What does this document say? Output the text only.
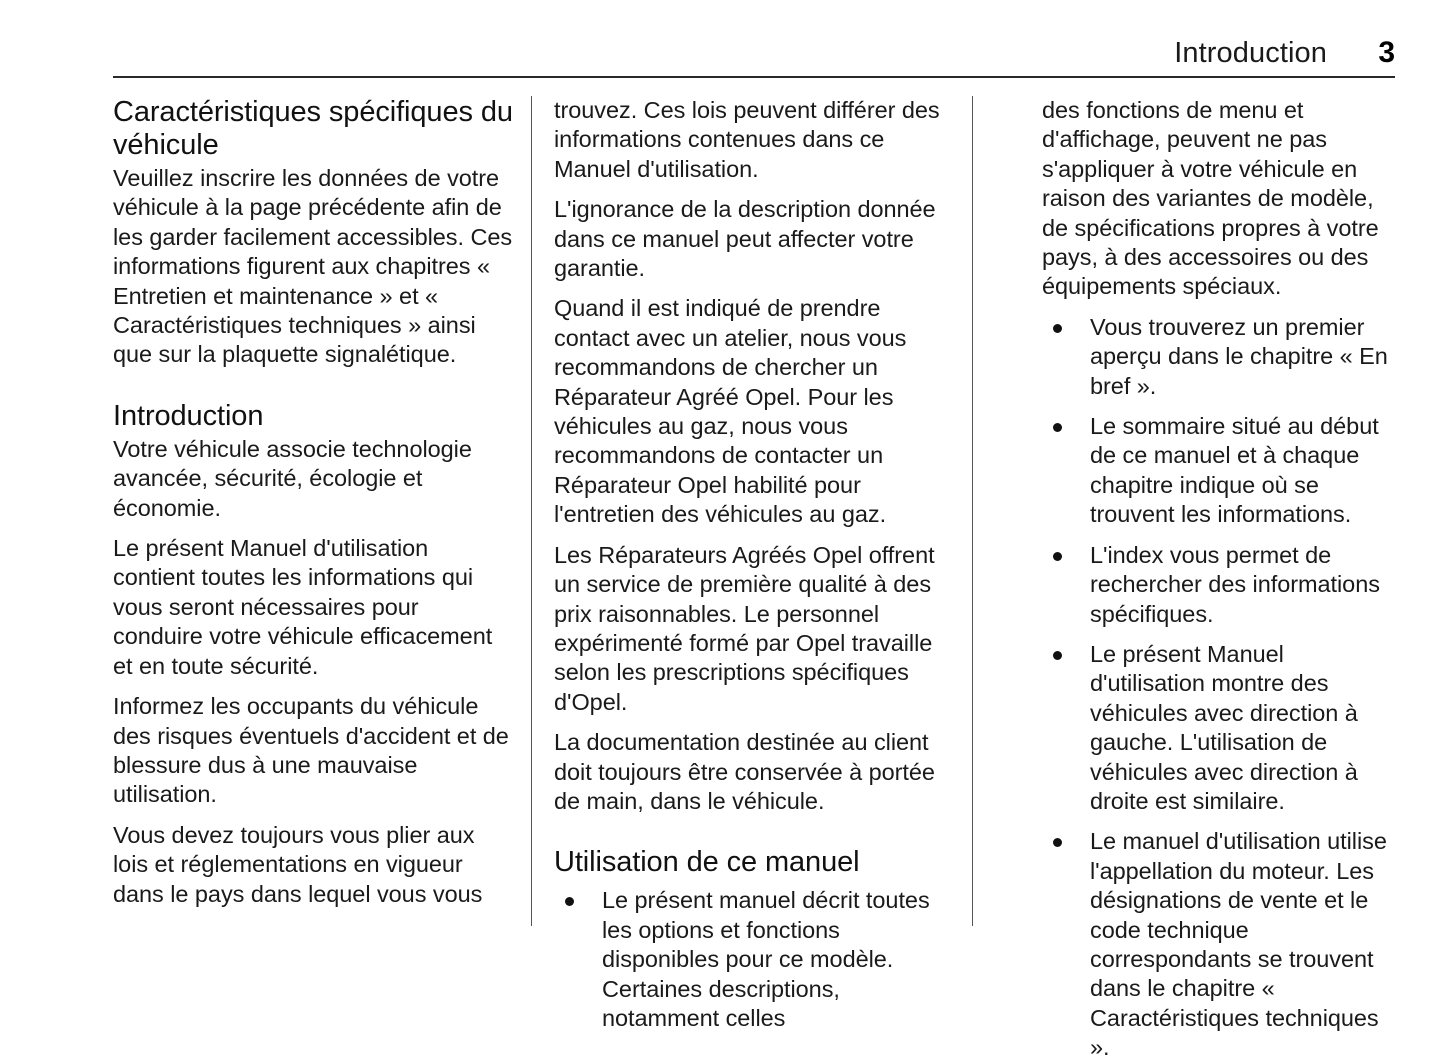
Introduction	3
Caractéristiques spécifiques du véhicule

Veuillez inscrire les données de votre véhicule à la page précédente afin de les garder facilement accessibles. Ces informations figurent aux chapitres « Entretien et maintenance » et « Caractéristiques techniques » ainsi que sur la plaquette signalétique.

Introduction

Votre véhicule associe technologie avancée, sécurité, écologie et économie.

Le présent Manuel d'utilisation contient toutes les informations qui vous seront nécessaires pour conduire votre véhicule efficacement et en toute sécurité.

Informez les occupants du véhicule des risques éventuels d'accident et de blessure dus à une mauvaise utilisation.

Vous devez toujours vous plier aux lois et réglementations en vigueur dans le pays dans lequel vous vous

trouvez. Ces lois peuvent différer des informations contenues dans ce Manuel d'utilisation.

L'ignorance de la description donnée dans ce manuel peut affecter votre garantie.

Quand il est indiqué de prendre contact avec un atelier, nous vous recommandons de chercher un Réparateur Agréé Opel. Pour les véhicules au gaz, nous vous recommandons de contacter un Réparateur Opel habilité pour l'entretien des véhicules au gaz.

Les Réparateurs Agréés Opel offrent un service de première qualité à des prix raisonnables. Le personnel expérimenté formé par Opel travaille selon les prescriptions spécifiques d'Opel.

La documentation destinée au client doit toujours être conservée à portée de main, dans le véhicule.

Utilisation de ce manuel
Le présent manuel décrit toutes les options et fonctions disponibles pour ce modèle. Certaines descriptions, notamment celles

des fonctions de menu et d'affichage, peuvent ne pas s'appliquer à votre véhicule en raison des variantes de modèle, de spécifications propres à votre pays, à des accessoires ou des équipements spéciaux.

Vous trouverez un premier aperçu dans le chapitre « En bref ».
Le sommaire situé au début de ce manuel et à chaque chapitre indique où se trouvent les informations.
L'index vous permet de rechercher des informations spécifiques.
Le présent Manuel d'utilisation montre des véhicules avec direction à gauche. L'utilisation de véhicules avec direction à droite est similaire.
Le manuel d'utilisation utilise l'appellation du moteur. Les désignations de vente et le code technique correspondants se trouvent dans le chapitre « Caractéristiques techniques ».
